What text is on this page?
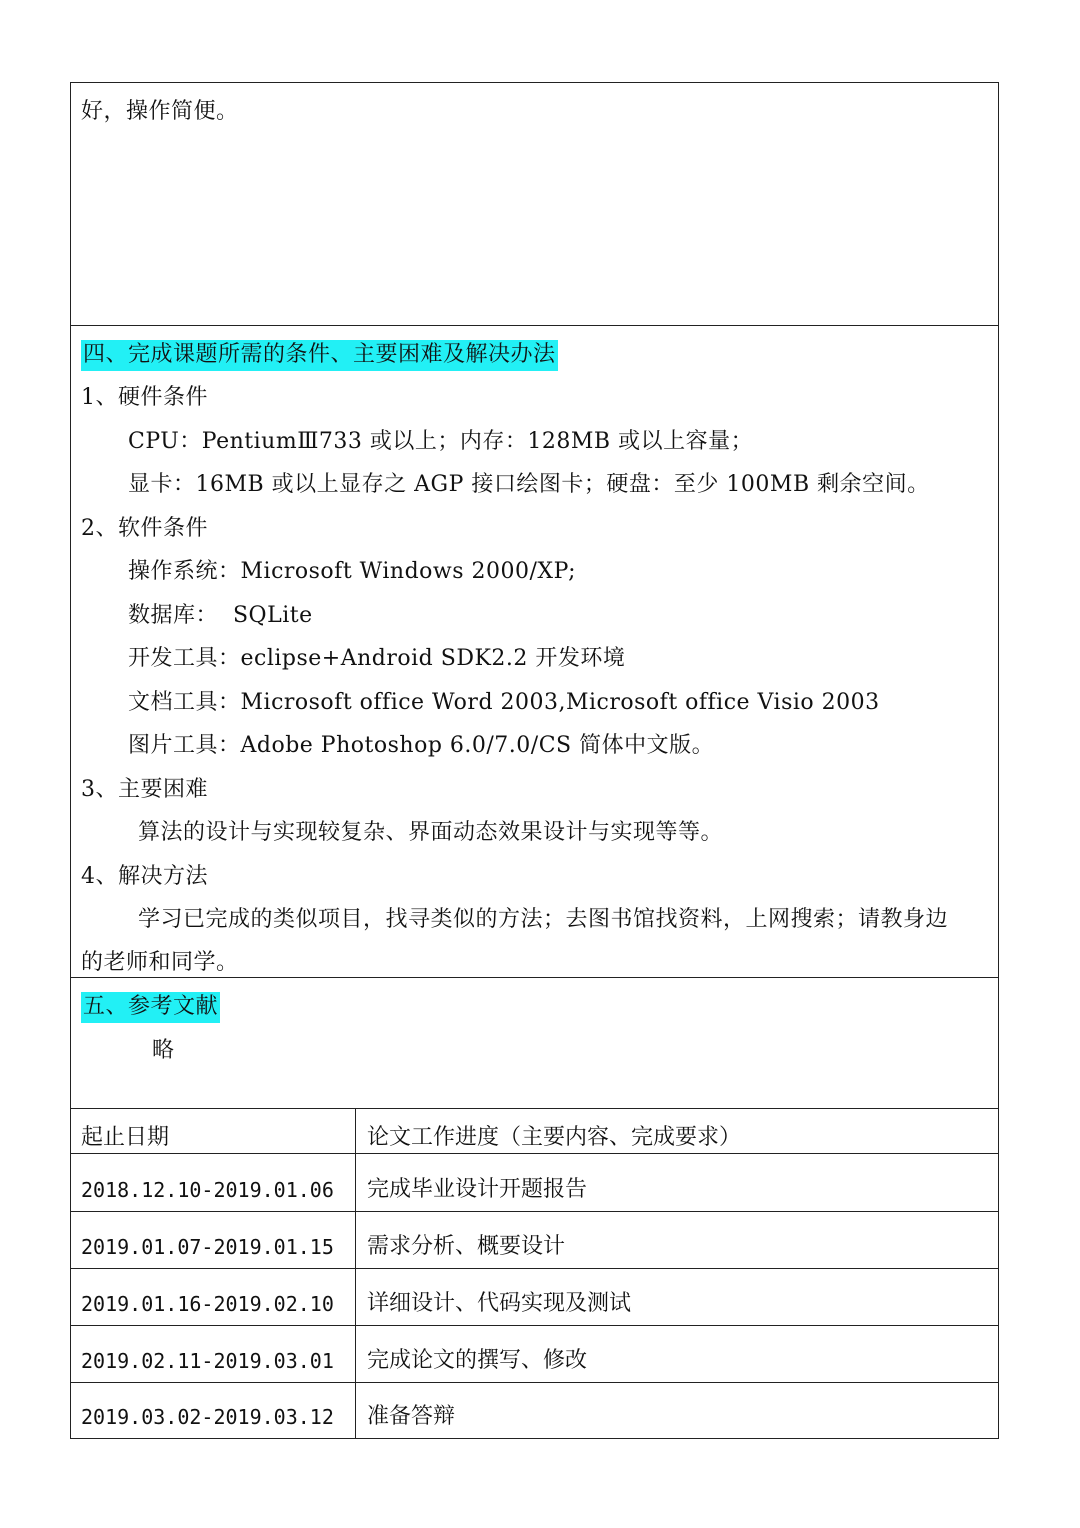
好，操作简便。
四、完成课题所需的条件、主要困难及解决办法
1、硬件条件
CPU：PentiumⅢ733 或以上；内存：128MB 或以上容量；
显卡：16MB 或以上显存之 AGP 接口绘图卡；硬盘：至少 100MB 剩余空间。
2、软件条件
操作系统：Microsoft Windows 2000/XP;
数据库：  SQLite
开发工具：eclipse+Android SDK2.2 开发环境
文档工具：Microsoft office Word 2003,Microsoft office Visio 2003
图片工具：Adobe Photoshop 6.0/7.0/CS 简体中文版。
3、主要困难
算法的设计与实现较复杂、界面动态效果设计与实现等等。
4、解决方法
学习已完成的类似项目，找寻类似的方法；去图书馆找资料，上网搜索；请教身边
的老师和同学。
五、参考文献
略
起止日期	论文工作进度（主要内容、完成要求）
2018.12.10-2019.01.06 完成毕业设计开题报告
2019.01.07-2019.01.15 需求分析、概要设计
2019.01.16-2019.02.10 详细设计、代码实现及测试
2019.02.11-2019.03.01 完成论文的撰写、修改
2019.03.02-2019.03.12 准备答辩
